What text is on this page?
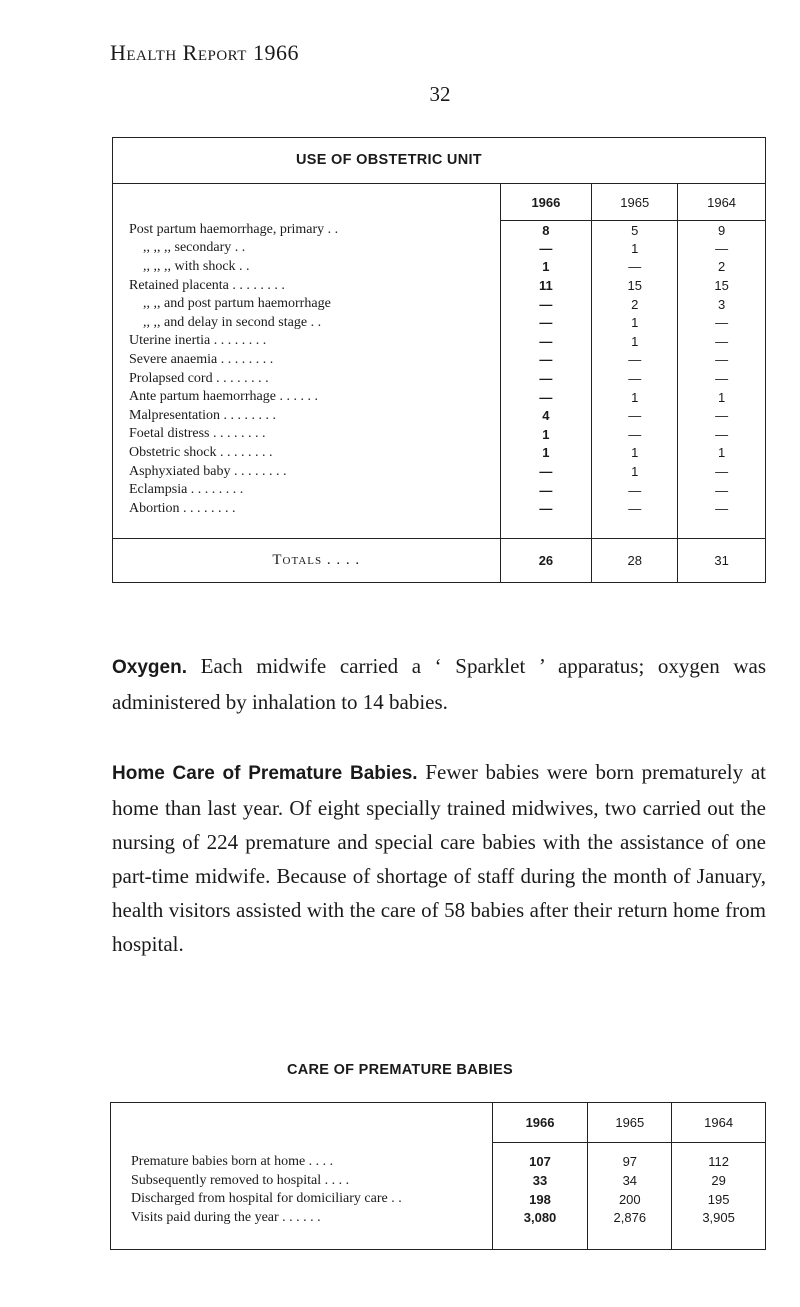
Health Report 1966
32
USE OF OBSTETRIC UNIT			
	1966	1965	1964
Post partum haemorrhage, primary . .	8	5	9
,, ,, ,, secondary . .	—	1	—
,, ,, ,, with shock . .	1	—	2
Retained placenta . . . . . . . .	11	15	15
,, ,, and post partum haemorrhage	—	2	3
,, ,, and delay in second stage . .	—	1	—
Uterine inertia . . . . . . . .	—	1	—
Severe anaemia . . . . . . . .	—	—	—
Prolapsed cord . . . . . . . .	—	—	—
Ante partum haemorrhage . . . . . .	—	1	1
Malpresentation . . . . . . . .	4	—	—
Foetal distress . . . . . . . .	1	—	—
Obstetric shock . . . . . . . .	1	1	1
Asphyxiated baby . . . . . . . .	—	1	—
Eclampsia . . . . . . . .	—	—	—
Abortion . . . . . . . .	—	—	—

Totals . . . .	26	28	31
Oxygen. Each midwife carried a ‘ Sparklet ’ apparatus; oxygen was administered by inhalation to 14 babies.
Home Care of Premature Babies. Fewer babies were born prematurely at home than last year. Of eight specially trained midwives, two carried out the nursing of 224 premature and special care babies with the assistance of one part-time midwife. Because of shortage of staff during the month of January, health visitors assisted with the care of 58 babies after their return home from hospital.
CARE OF PREMATURE BABIES
	1966	1965	1964

Premature babies born at home . . . .	107	97	112
Subsequently removed to hospital . . . .	33	34	29
Discharged from hospital for domiciliary care . .	198	200	195
Visits paid during the year . . . . . .	3,080	2,876	3,905
